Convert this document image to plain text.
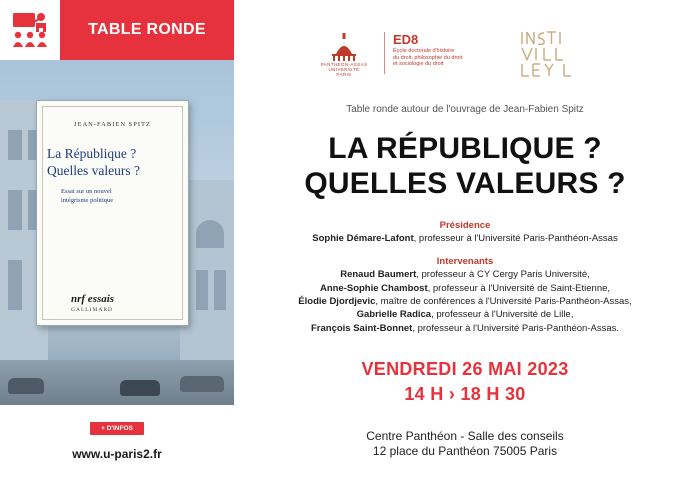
TABLE RONDE
JEAN-FABIEN SPITZ
La République ?
Quelles valeurs ?
Essai sur un nouvel
intégrisme politique
nrf essais
GALLIMARD
+ D'INFOS
www.u-paris2.fr
PANTHÉON-ASSAS
UNIVERSITÉ
PARIS
ED8
École doctorale d'histoire
du droit, philosophie du droit
et sociologie du droit
Table ronde autour de l'ouvrage de Jean-Fabien Spitz
LA RÉPUBLIQUE ?
QUELLES VALEURS ?
Présidence
Sophie Démare-Lafont, professeur à l'Université Paris-Panthéon-Assas
Intervenants
Renaud Baumert, professeur à CY Cergy Paris Université,
Anne-Sophie Chambost, professeur à l'Université de Saint-Etienne,
Élodie Djordjevic, maître de conférences à l'Université Paris-Panthéon-Assas,
Gabrielle Radica, professeur à l'Université de Lille,
François Saint-Bonnet, professeur à l'Université Paris-Panthéon-Assas.
VENDREDI 26 MAI 2023
14 H › 18 H 30
Centre Panthéon - Salle des conseils
12 place du Panthéon 75005 Paris
